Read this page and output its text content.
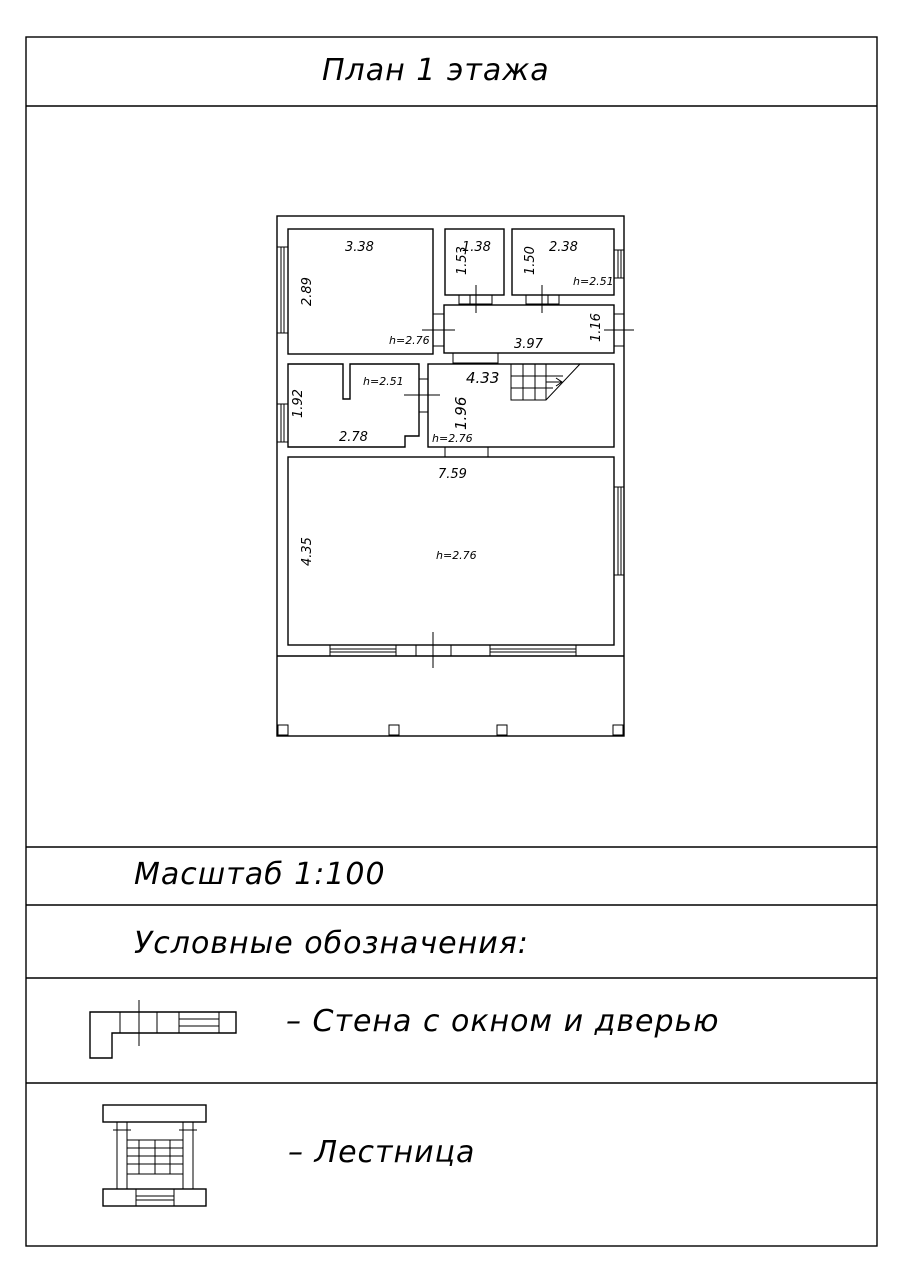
План 1 этажа
3.38
2.89
h=2.76
1.38
1.53	2.38
1.50
h=2.51
3.97
1.16
2.78
1.92
h=2.51	4.33
1.96
h=2.76
7.59
4.35	h=2.76
Масштаб 1:100
Условные обозначения:
– Стена с окном и дверью
– Лестница
